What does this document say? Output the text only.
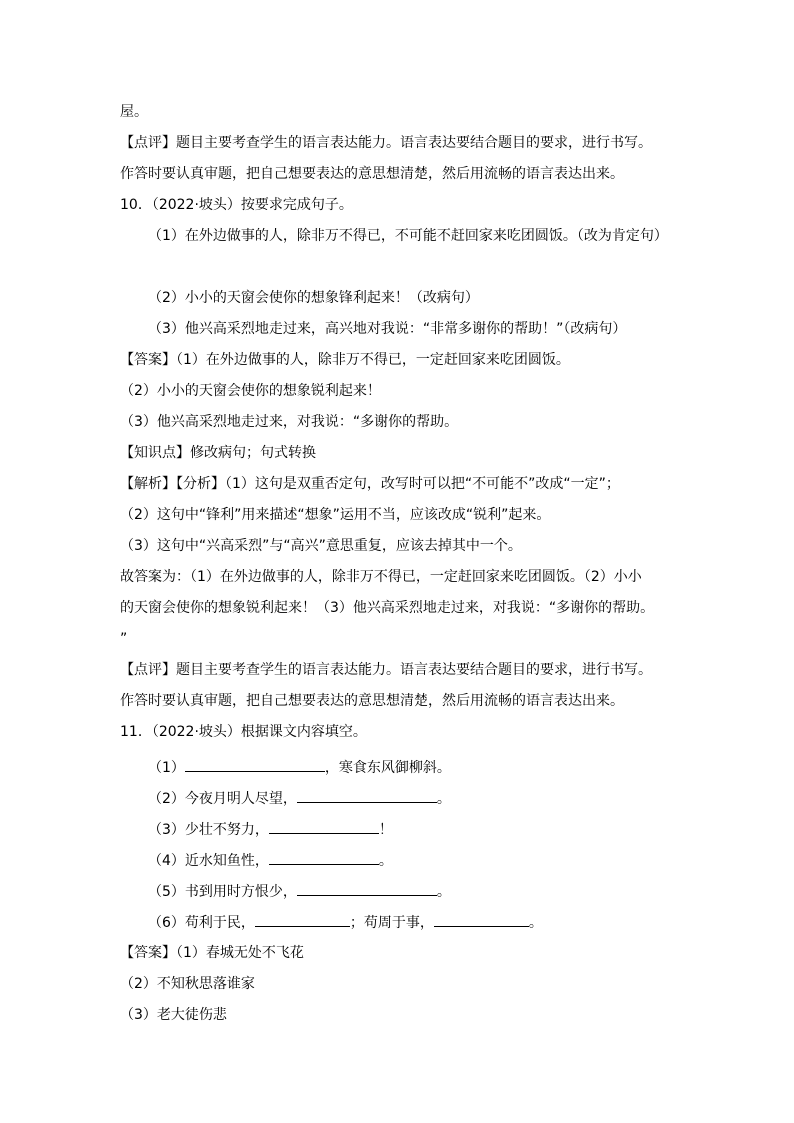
屋。
【点评】题目主要考查学生的语言表达能力。语言表达要结合题目的要求，进行书写。
作答时要认真审题，把自己想要表达的意思想清楚，然后用流畅的语言表达出来。
10．（2022·坡头）按要求完成句子。
（1）在外边做事的人，除非万不得已，不可能不赶回家来吃团圆饭。（改为肯定句）
（2）小小的天窗会使你的想象锋利起来！（改病句）
（3）他兴高采烈地走过来，高兴地对我说：“非常多谢你的帮助！”（改病句）
【答案】（1）在外边做事的人，除非万不得已，一定赶回家来吃团圆饭。
（2）小小的天窗会使你的想象锐利起来！
（3）他兴高采烈地走过来，对我说：“多谢你的帮助。
【知识点】修改病句；句式转换
【解析】【分析】（1）这句是双重否定句，改写时可以把“不可能不”改成“一定”；
（2）这句中“锋利”用来描述“想象”运用不当，应该改成“锐利”起来。
（3）这句中“兴高采烈”与“高兴”意思重复，应该去掉其中一个。
故答案为：（1）在外边做事的人，除非万不得已，一定赶回家来吃团圆饭。（2）小小
的天窗会使你的想象锐利起来！（3）他兴高采烈地走过来，对我说：“多谢你的帮助。
”
【点评】题目主要考查学生的语言表达能力。语言表达要结合题目的要求，进行书写。
作答时要认真审题，把自己想要表达的意思想清楚，然后用流畅的语言表达出来。
11．（2022·坡头）根据课文内容填空。
（1）	，寒食东风御柳斜。
（2）今夜月明人尽望，	。
（3）少壮不努力，	！
（4）近水知鱼性，	。
（5）书到用时方恨少，	。
（6）苟利于民，	；苟周于事，	。
【答案】（1）春城无处不飞花
（2）不知秋思落谁家
（3）老大徒伤悲
